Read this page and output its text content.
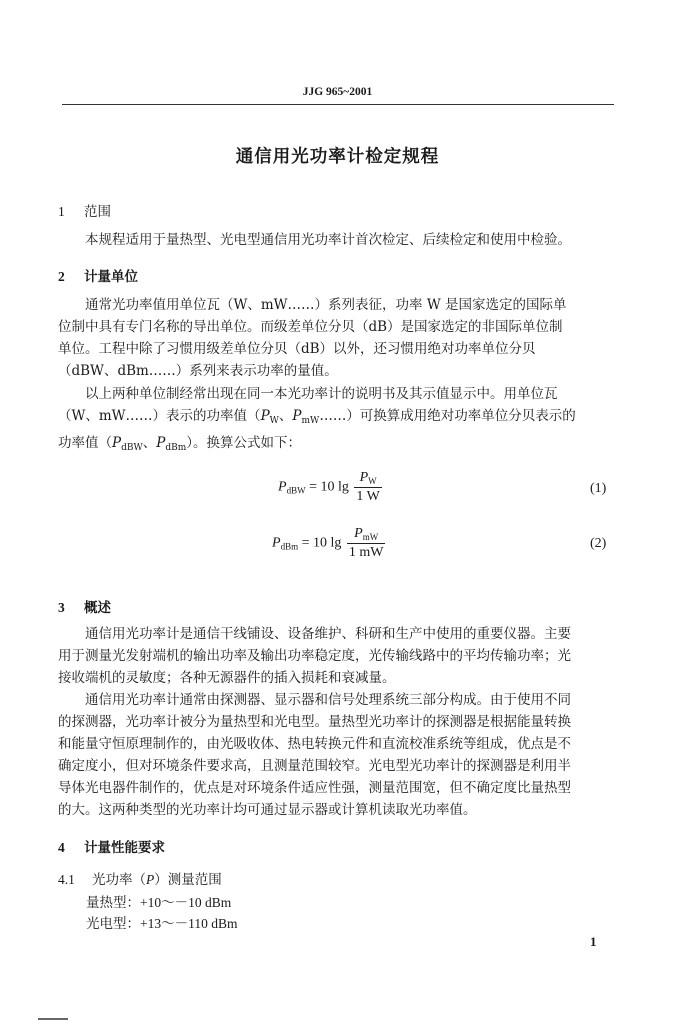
JJG 965~2001
通信用光功率计检定规程
1 范围
本规程适用于量热型、光电型通信用光功率计首次检定、后续检定和使用中检验。
2 计量单位
通常光功率值用单位瓦（W、mW……）系列表征，功率 W 是国家选定的国际单
位制中具有专门名称的导出单位。而级差单位分贝（dB）是国家选定的非国际单位制
单位。工程中除了习惯用级差单位分贝（dB）以外，还习惯用绝对功率单位分贝
（dBW、dBm……）系列来表示功率的量值。
以上两种单位制经常出现在同一本光功率计的说明书及其示值显示中。用单位瓦
（W、mW……）表示的功率值（$P_W$、$P_{mW}\dots\dots$）可换算成用绝对功率单位分贝表示的
功率值（$P_{dBW}$、$P_{dBm}$）。换算公式如下：
$P_{dBW} = 10$ $\lg \frac{P_W}{1 W}$	(1)
$P_{dBm} = 10$ $\lg \frac{P_{mW}}{1 mW}$	(2)
3 概述
通信用光功率计是通信干线铺设、设备维护、科研和生产中使用的重要仪器。主要
用于测量光发射端机的输出功率及输出功率稳定度，光传输线路中的平均传输功率；光
接收端机的灵敏度；各种无源器件的插入损耗和衰减量。
通信用光功率计通常由探测器、显示器和信号处理系统三部分构成。由于使用不同
的探测器，光功率计被分为量热型和光电型。量热型光功率计的探测器是根据能量转换
和能量守恒原理制作的，由光吸收体、热电转换元件和直流校准系统等组成，优点是不
确定度小，但对环境条件要求高，且测量范围较窄。光电型光功率计的探测器是利用半
导体光电器件制作的，优点是对环境条件适应性强，测量范围宽，但不确定度比量热型
的大。这两种类型的光功率计均可通过显示器或计算机读取光功率值。
4 计量性能要求
4.1 光功率（P）测量范围
量热型：+10～－10 dBm
光电型：+13～－110 dBm
1
